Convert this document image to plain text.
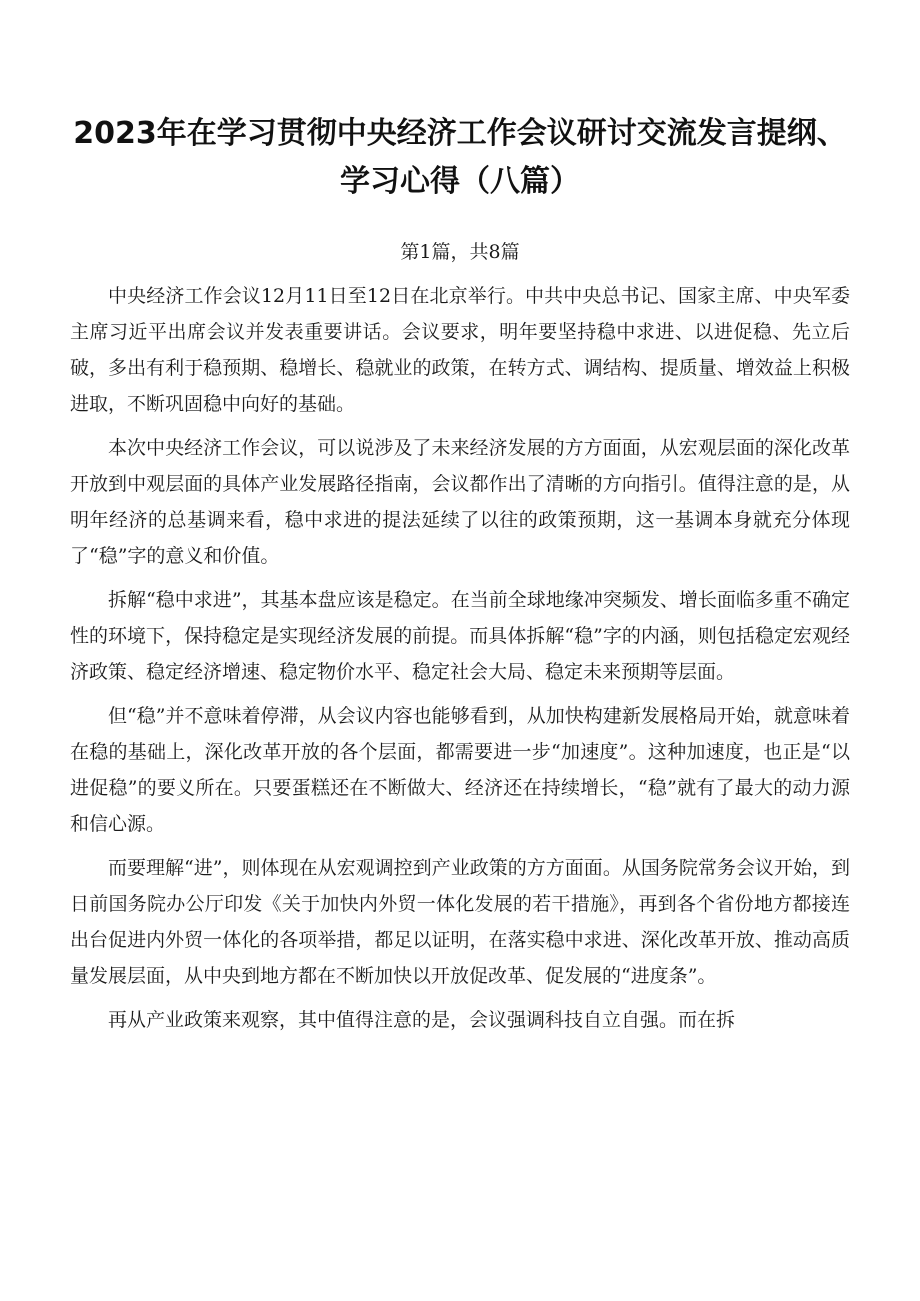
2023年在学习贯彻中央经济工作会议研讨交流发言提纲、学习心得（八篇）
第1篇，共8篇

中央经济工作会议12月11日至12日在北京举行。中共中央总书记、国家主席、中央军委主席习近平出席会议并发表重要讲话。会议要求，明年要坚持稳中求进、以进促稳、先立后破，多出有利于稳预期、稳增长、稳就业的政策，在转方式、调结构、提质量、增效益上积极进取，不断巩固稳中向好的基础。

本次中央经济工作会议，可以说涉及了未来经济发展的方方面面，从宏观层面的深化改革开放到中观层面的具体产业发展路径指南，会议都作出了清晰的方向指引。值得注意的是，从明年经济的总基调来看，稳中求进的提法延续了以往的政策预期，这一基调本身就充分体现了“稳”字的意义和价值。

拆解“稳中求进”，其基本盘应该是稳定。在当前全球地缘冲突频发、增长面临多重不确定性的环境下，保持稳定是实现经济发展的前提。而具体拆解“稳”字的内涵，则包括稳定宏观经济政策、稳定经济增速、稳定物价水平、稳定社会大局、稳定未来预期等层面。

但“稳”并不意味着停滞，从会议内容也能够看到，从加快构建新发展格局开始，就意味着在稳的基础上，深化改革开放的各个层面，都需要进一步“加速度”。这种加速度，也正是“以进促稳”的要义所在。只要蛋糕还在不断做大、经济还在持续增长，“稳”就有了最大的动力源和信心源。

而要理解“进”，则体现在从宏观调控到产业政策的方方面面。从国务院常务会议开始，到日前国务院办公厅印发《关于加快内外贸一体化发展的若干措施》，再到各个省份地方都接连出台促进内外贸一体化的各项举措，都足以证明，在落实稳中求进、深化改革开放、推动高质量发展层面，从中央到地方都在不断加快以开放促改革、促发展的“进度条”。

再从产业政策来观察，其中值得注意的是，会议强调科技自立自强。而在拆
